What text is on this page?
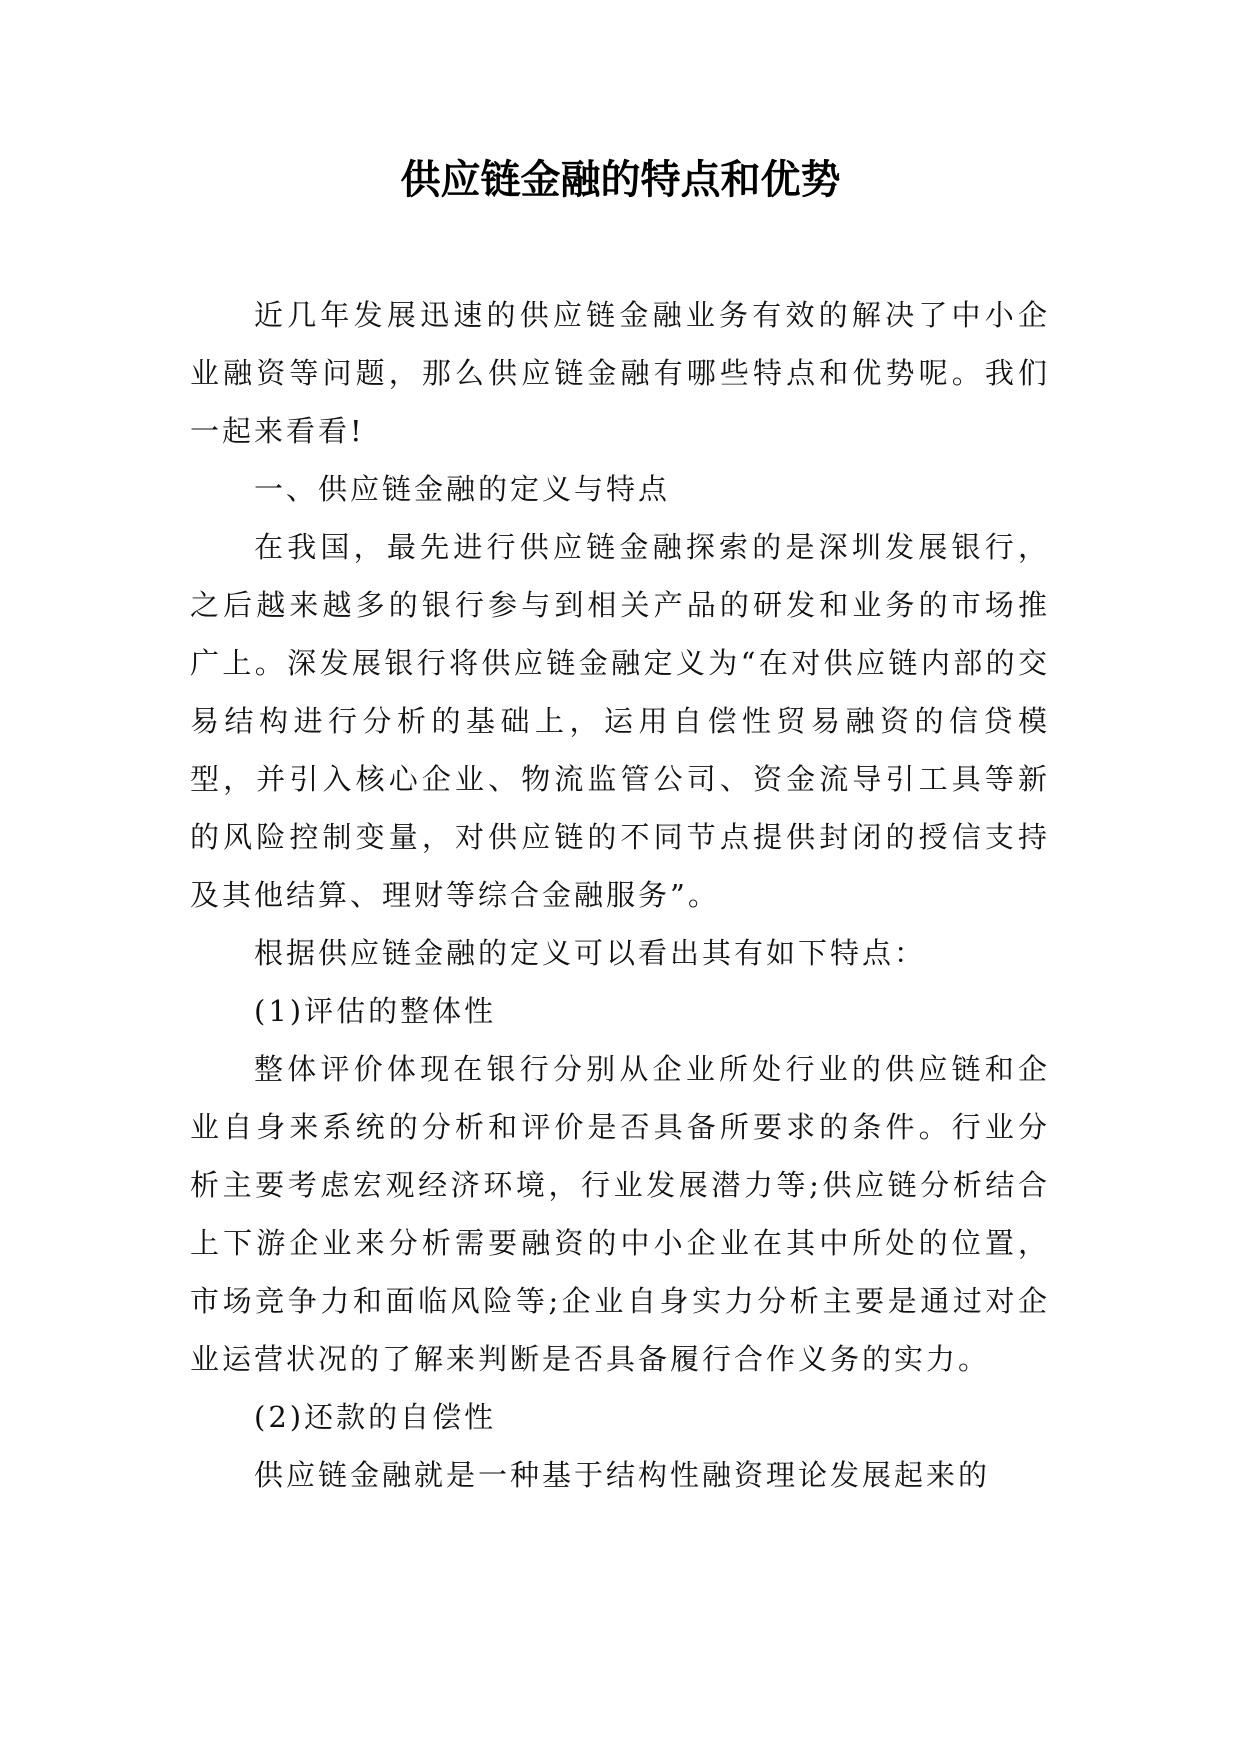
供应链金融的特点和优势

近几年发展迅速的供应链金融业务有效的解决了中小企业融资等问题，那么供应链金融有哪些特点和优势呢。我们一起来看看!

一、供应链金融的定义与特点

在我国，最先进行供应链金融探索的是深圳发展银行，之后越来越多的银行参与到相关产品的研发和业务的市场推广上。深发展银行将供应链金融定义为“在对供应链内部的交易结构进行分析的基础上，运用自偿性贸易融资的信贷模型，并引入核心企业、物流监管公司、资金流导引工具等新的风险控制变量，对供应链的不同节点提供封闭的授信支持及其他结算、理财等综合金融服务”。

根据供应链金融的定义可以看出其有如下特点：

(1)评估的整体性

整体评价体现在银行分别从企业所处行业的供应链和企业自身来系统的分析和评价是否具备所要求的条件。行业分析主要考虑宏观经济环境，行业发展潜力等;供应链分析结合上下游企业来分析需要融资的中小企业在其中所处的位置，市场竞争力和面临风险等;企业自身实力分析主要是通过对企业运营状况的了解来判断是否具备履行合作义务的实力。

(2)还款的自偿性

供应链金融就是一种基于结构性融资理论发展起来的
